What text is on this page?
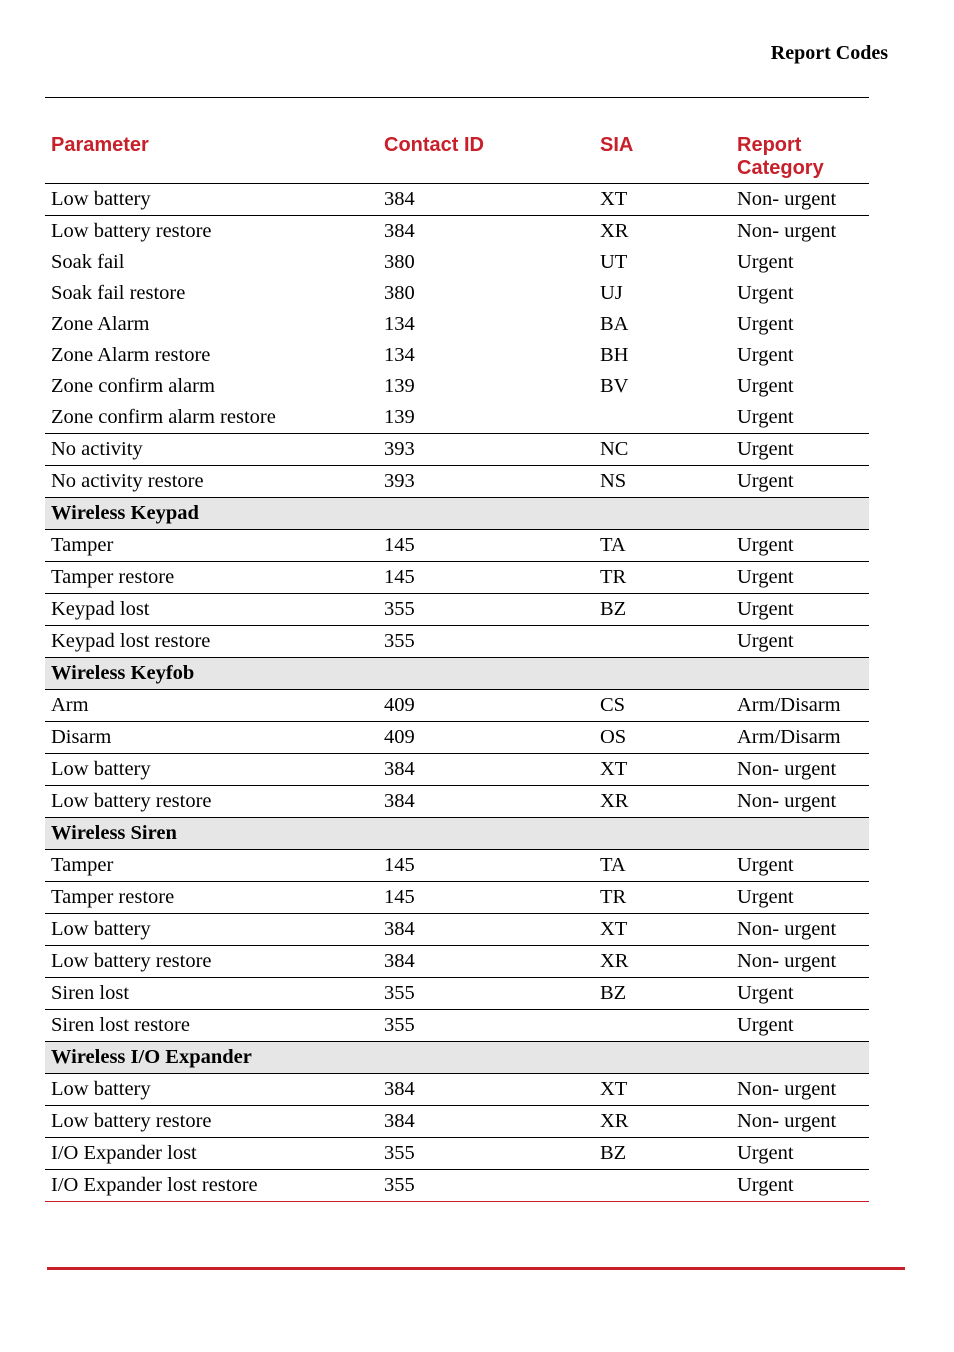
Report Codes
Parameter	Contact ID	SIA	Report Category
Low battery	384	XT	Non- urgent
Low battery restore	384	XR	Non- urgent
Soak fail	380	UT	Urgent
Soak fail restore	380	UJ	Urgent
Zone Alarm	134	BA	Urgent
Zone Alarm restore	134	BH	Urgent
Zone confirm alarm	139	BV	Urgent
Zone confirm alarm restore	139		Urgent
No activity	393	NC	Urgent
No activity restore	393	NS	Urgent
Wireless Keypad			
Tamper	145	TA	Urgent
Tamper restore	145	TR	Urgent
Keypad lost	355	BZ	Urgent
Keypad lost restore	355		Urgent
Wireless Keyfob			
Arm	409	CS	Arm/Disarm
Disarm	409	OS	Arm/Disarm
Low battery	384	XT	Non- urgent
Low battery restore	384	XR	Non- urgent
Wireless Siren			
Tamper	145	TA	Urgent
Tamper restore	145	TR	Urgent
Low battery	384	XT	Non- urgent
Low battery restore	384	XR	Non- urgent
Siren lost	355	BZ	Urgent
Siren lost restore	355		Urgent
Wireless I/O Expander			
Low battery	384	XT	Non- urgent
Low battery restore	384	XR	Non- urgent
I/O Expander lost	355	BZ	Urgent
I/O Expander lost restore	355		Urgent
